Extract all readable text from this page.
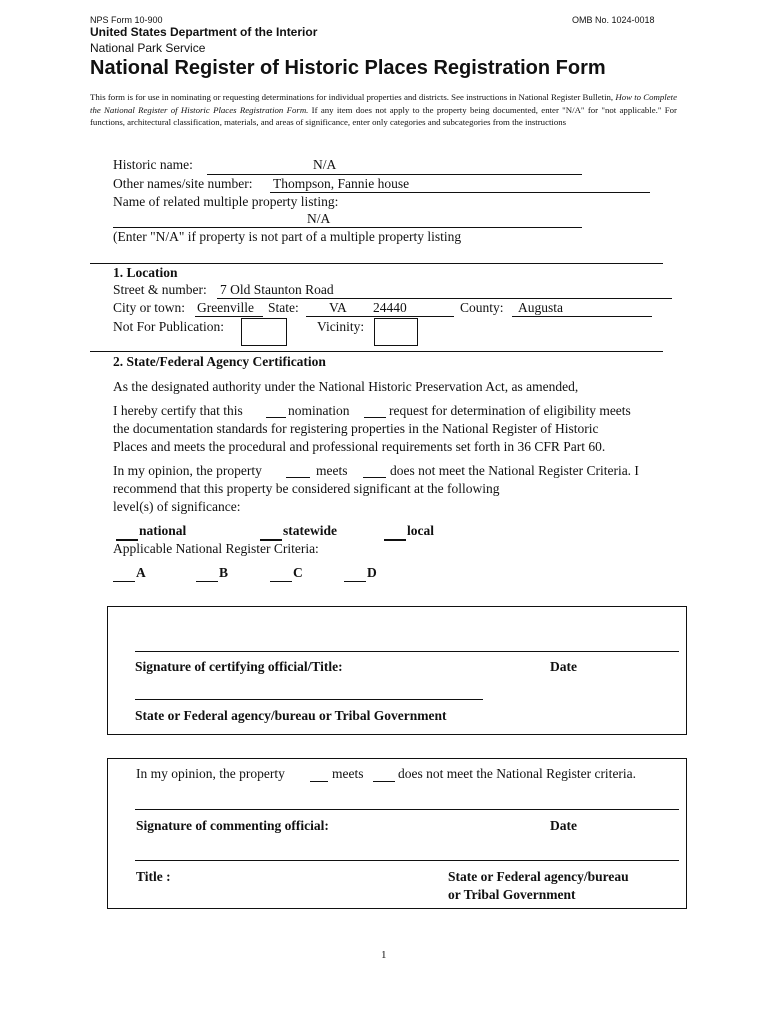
NPS Form 10-900	OMB No. 1024-0018
United States Department of the Interior
National Park Service
National Register of Historic Places Registration Form
This form is for use in nominating or requesting determinations for individual properties and districts. See instructions in National Register Bulletin, How to Complete the National Register of Historic Places Registration Form. If any item does not apply to the property being documented, enter "N/A" for "not applicable." For functions, architectural classification, materials, and areas of significance, enter only categories and subcategories from the instructions
Historic name:	N/A
Other names/site number: Thompson, Fannie house
Name of related multiple property listing:
N/A
(Enter "N/A" if property is not part of a multiple property listing
1. Location
Street & number: 7 Old Staunton Road
City or town: Greenville State: VA 24440	County: Augusta
Not For Publication:	Vicinity:
2. State/Federal Agency Certification
As the designated authority under the National Historic Preservation Act, as amended,
I hereby certify that this	nomination	request for determination of eligibility meets
the documentation standards for registering properties in the National Register of Historic
Places and meets the procedural and professional requirements set forth in 36 CFR Part 60.
In my opinion, the property	meets	does not meet the National Register Criteria. I
recommend that this property be considered significant at the following
level(s) of significance:
national	statewide	local
Applicable National Register Criteria:
A	B	C	D
Signature of certifying official/Title:	Date
State or Federal agency/bureau or Tribal Government
In my opinion, the property	meets	does not meet the National Register criteria.
Signature of commenting official:	Date
Title :	State or Federal agency/bureau
or Tribal Government
1
